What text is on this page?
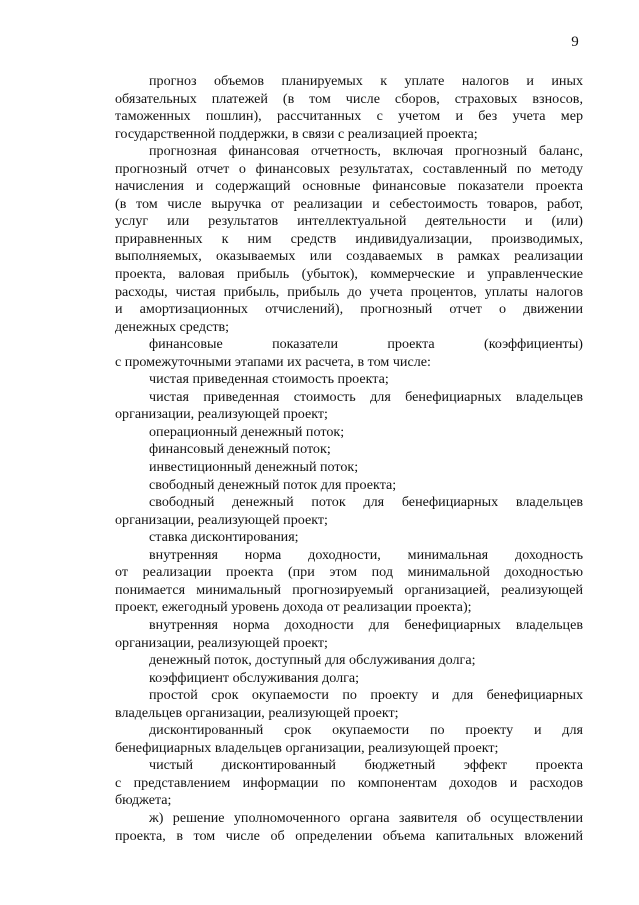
9
прогноз объемов планируемых к уплате налогов и иных
обязательных платежей (в том числе сборов, страховых взносов,
таможенных пошлин), рассчитанных с учетом и без учета мер
государственной поддержки, в связи с реализацией проекта;
прогнозная финансовая отчетность, включая прогнозный баланс,
прогнозный отчет о финансовых результатах, составленный по методу
начисления и содержащий основные финансовые показатели проекта
(в том числе выручка от реализации и себестоимость товаров, работ,
услуг или результатов интеллектуальной деятельности и (или)
приравненных к ним средств индивидуализации, производимых,
выполняемых, оказываемых или создаваемых в рамках реализации
проекта, валовая прибыль (убыток), коммерческие и управленческие
расходы, чистая прибыль, прибыль до учета процентов, уплаты налогов
и амортизационных отчислений), прогнозный отчет о движении
денежных средств;
финансовые показатели проекта (коэффициенты)
с промежуточными этапами их расчета, в том числе:
чистая приведенная стоимость проекта;
чистая приведенная стоимость для бенефициарных владельцев
организации, реализующей проект;
операционный денежный поток;
финансовый денежный поток;
инвестиционный денежный поток;
свободный денежный поток для проекта;
свободный денежный поток для бенефициарных владельцев
организации, реализующей проект;
ставка дисконтирования;
внутренняя норма доходности, минимальная доходность
от реализации проекта (при этом под минимальной доходностью
понимается минимальный прогнозируемый организацией, реализующей
проект, ежегодный уровень дохода от реализации проекта);
внутренняя норма доходности для бенефициарных владельцев
организации, реализующей проект;
денежный поток, доступный для обслуживания долга;
коэффициент обслуживания долга;
простой срок окупаемости по проекту и для бенефициарных
владельцев организации, реализующей проект;
дисконтированный срок окупаемости по проекту и для
бенефициарных владельцев организации, реализующей проект;
чистый дисконтированный бюджетный эффект проекта
с представлением информации по компонентам доходов и расходов
бюджета;
ж) решение уполномоченного органа заявителя об осуществлении
проекта, в том числе об определении объема капитальных вложений
